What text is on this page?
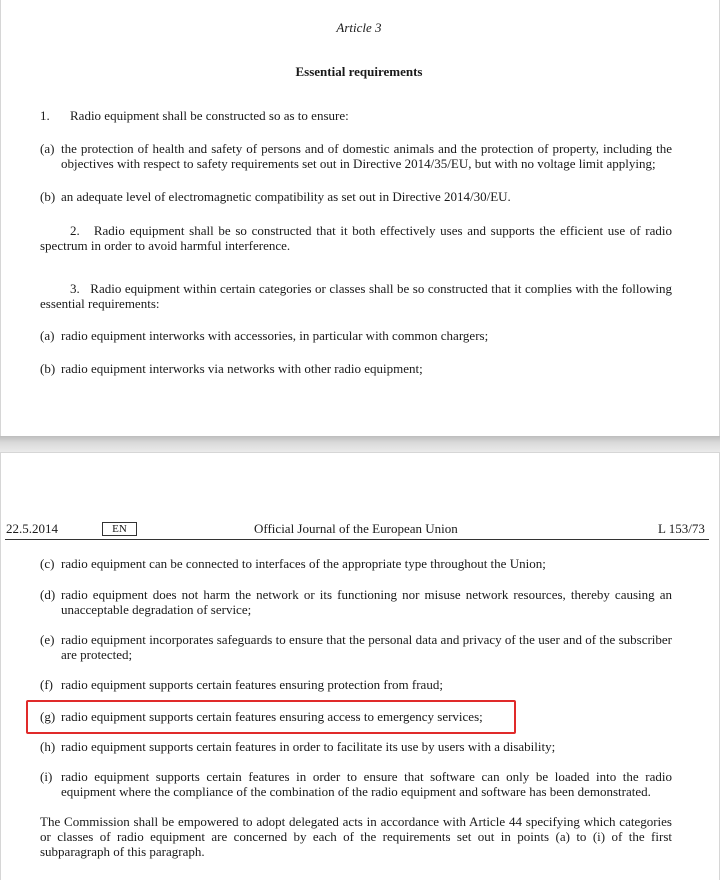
Article 3
Essential requirements
1. Radio equipment shall be constructed so as to ensure:
(a) the protection of health and safety of persons and of domestic animals and the protection of property, including the objectives with respect to safety requirements set out in Directive 2014/35/EU, but with no voltage limit applying;
(b) an adequate level of electromagnetic compatibility as set out in Directive 2014/30/EU.
2. Radio equipment shall be so constructed that it both effectively uses and supports the efficient use of radio spectrum in order to avoid harmful interference.
3. Radio equipment within certain categories or classes shall be so constructed that it complies with the following essential requirements:
(a) radio equipment interworks with accessories, in particular with common chargers;
(b) radio equipment interworks via networks with other radio equipment;
22.5.2014	EN	Official Journal of the European Union	L 153/73
(c) radio equipment can be connected to interfaces of the appropriate type throughout the Union;
(d) radio equipment does not harm the network or its functioning nor misuse network resources, thereby causing an unacceptable degradation of service;
(e) radio equipment incorporates safeguards to ensure that the personal data and privacy of the user and of the subscriber are protected;
(f) radio equipment supports certain features ensuring protection from fraud;
(g) radio equipment supports certain features ensuring access to emergency services;
(h) radio equipment supports certain features in order to facilitate its use by users with a disability;
(i) radio equipment supports certain features in order to ensure that software can only be loaded into the radio equipment where the compliance of the combination of the radio equipment and software has been demonstrated.
The Commission shall be empowered to adopt delegated acts in accordance with Article 44 specifying which categories or classes of radio equipment are concerned by each of the requirements set out in points (a) to (i) of the first subparagraph of this paragraph.
